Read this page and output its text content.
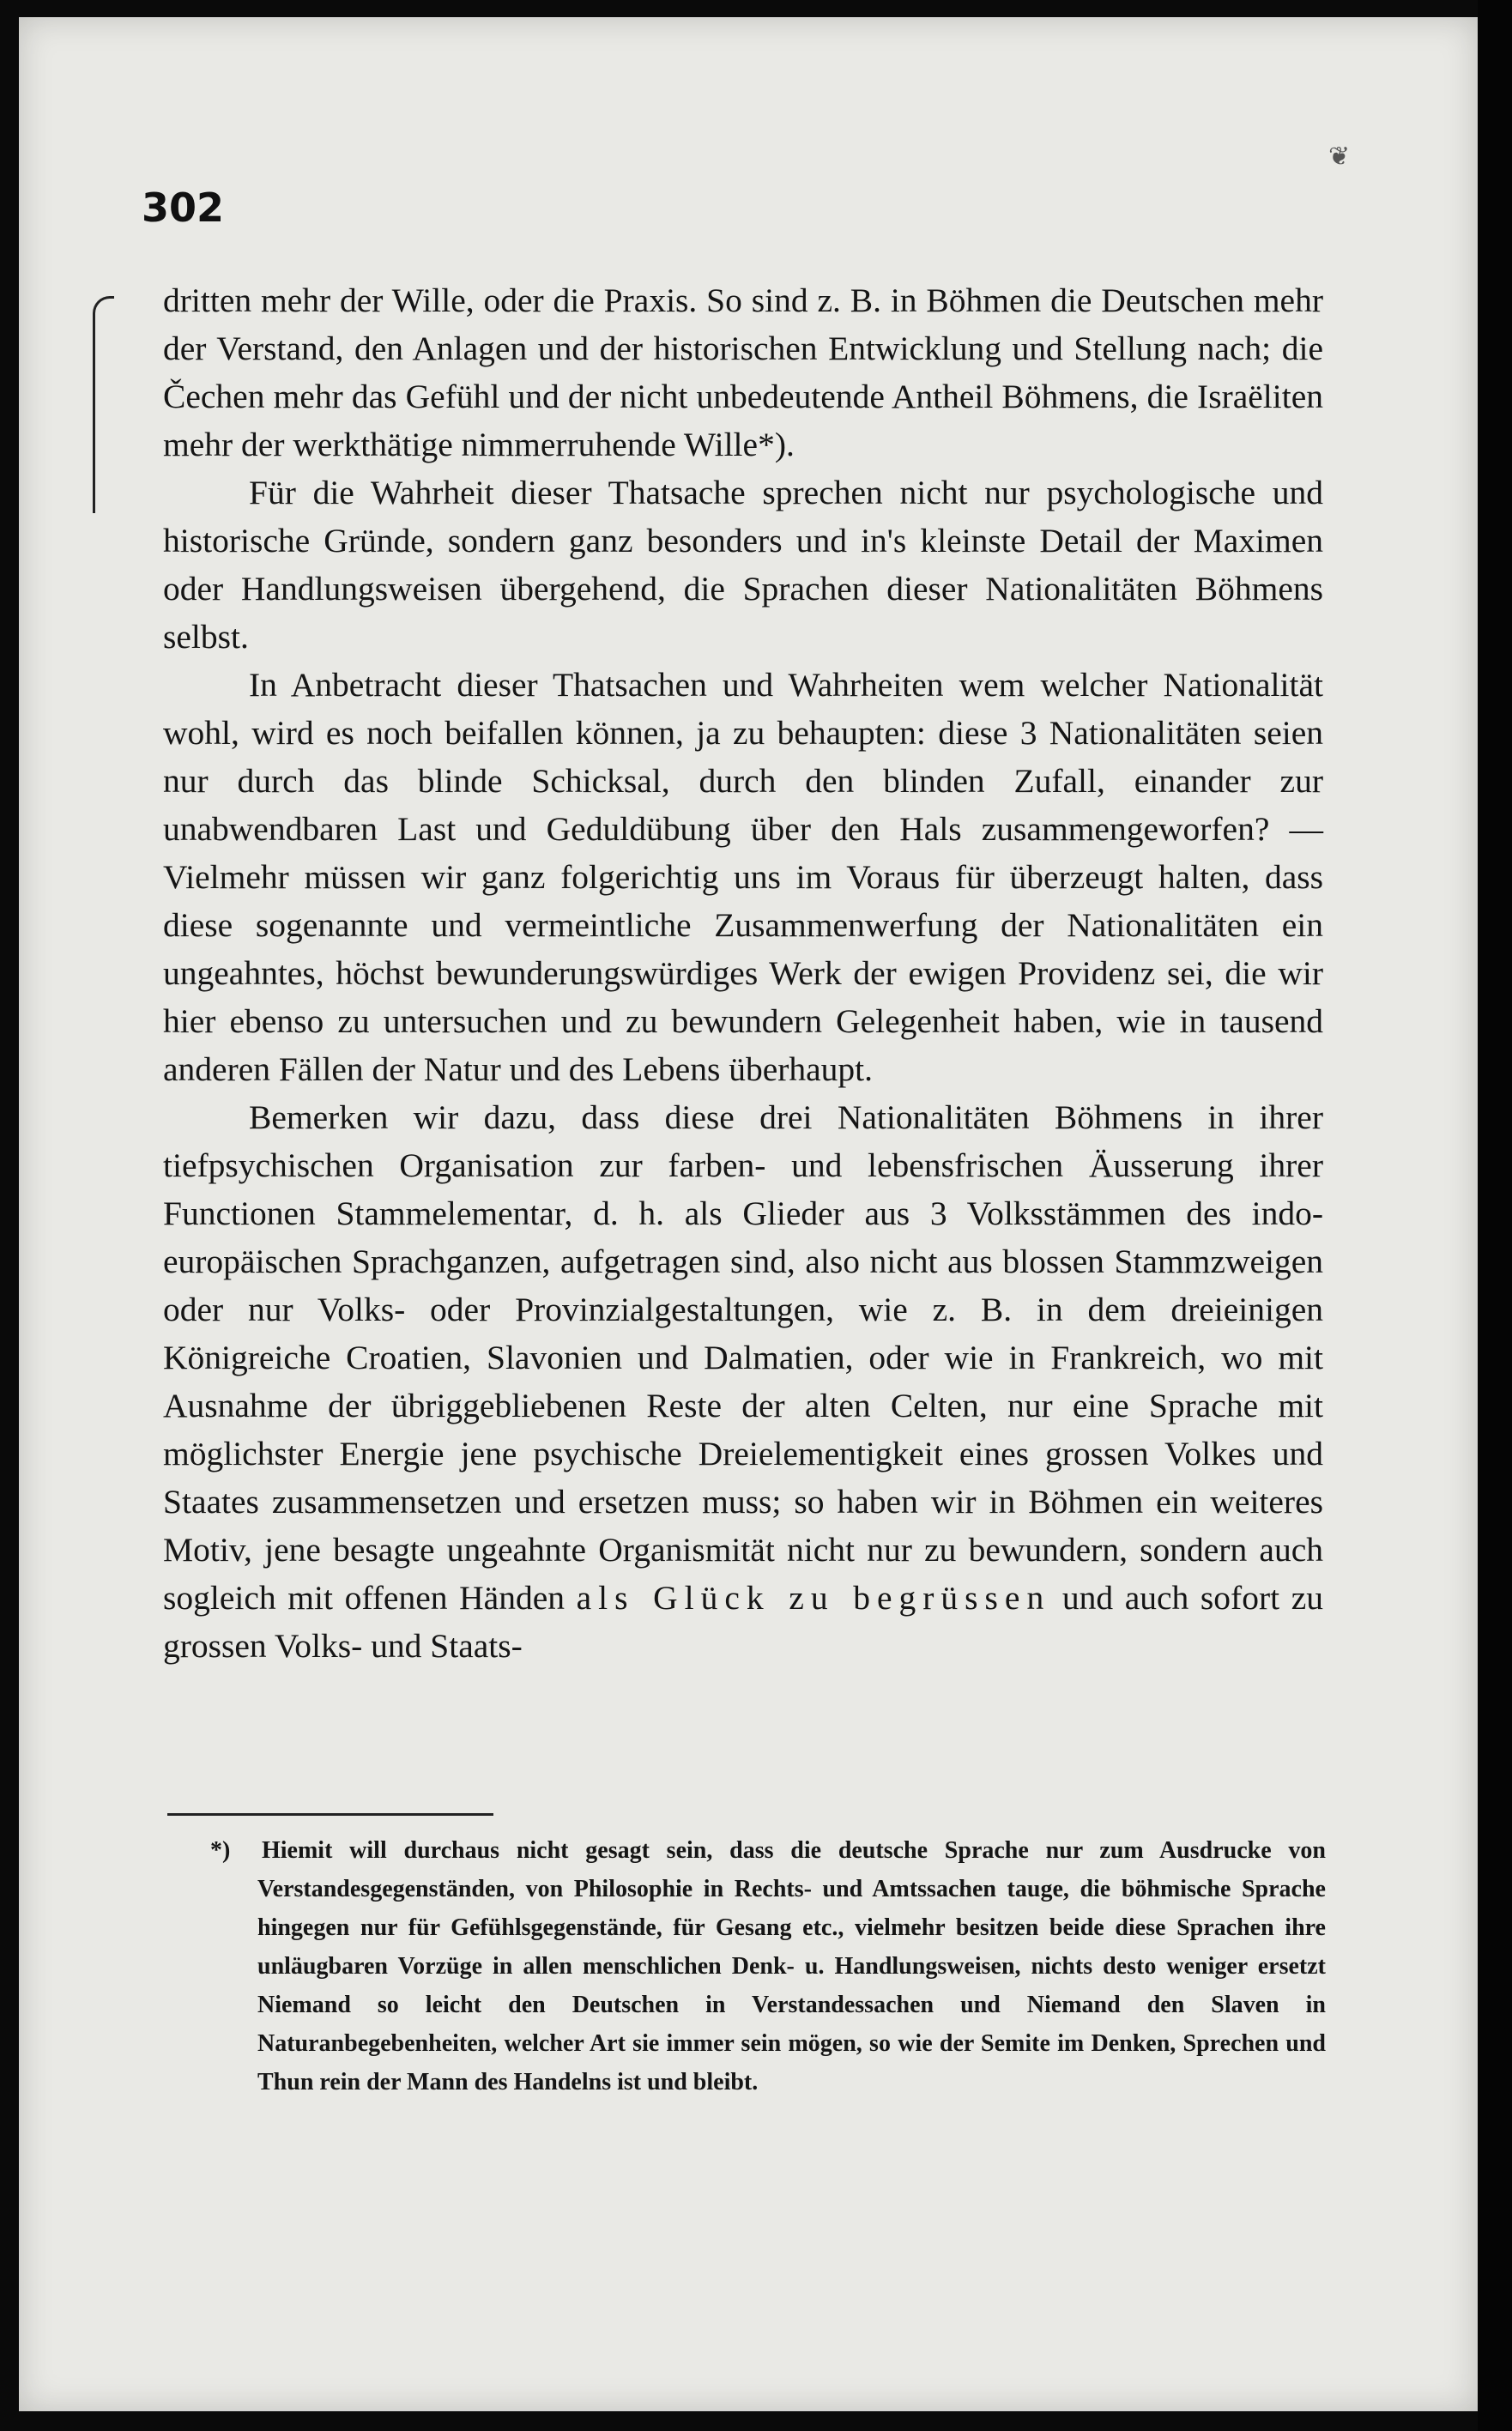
❦
302

dritten mehr der Wille, oder die Praxis. So sind z. B. in Böhmen die Deutschen mehr der Verstand, den Anlagen und der historischen Entwicklung und Stellung nach; die Čechen mehr das Gefühl und der nicht unbedeutende Antheil Böhmens, die Israëliten mehr der werkthätige nimmerruhende Wille*).

Für die Wahrheit dieser Thatsache sprechen nicht nur psychologische und historische Gründe, sondern ganz besonders und in's kleinste Detail der Maximen oder Handlungsweisen übergehend, die Sprachen dieser Nationalitäten Böhmens selbst.

In Anbetracht dieser Thatsachen und Wahrheiten wem welcher Nationalität wohl, wird es noch beifallen können, ja zu behaupten: diese 3 Nationalitäten seien nur durch das blinde Schicksal, durch den blinden Zufall, einander zur unabwendbaren Last und Geduldübung über den Hals zusammengeworfen? — Vielmehr müssen wir ganz folgerichtig uns im Voraus für überzeugt halten, dass diese sogenannte und vermeintliche Zusammenwerfung der Nationalitäten ein ungeahntes, höchst bewunderungswürdiges Werk der ewigen Providenz sei, die wir hier ebenso zu untersuchen und zu bewundern Gelegenheit haben, wie in tausend anderen Fällen der Natur und des Lebens überhaupt.

Bemerken wir dazu, dass diese drei Nationalitäten Böhmens in ihrer tiefpsychischen Organisation zur farben- und lebensfrischen Äusserung ihrer Functionen Stammelementar, d. h. als Glieder aus 3 Volksstämmen des indo-europäischen Sprachganzen, aufgetragen sind, also nicht aus blossen Stammzweigen oder nur Volks- oder Provinzialgestaltungen, wie z. B. in dem dreieinigen Königreiche Croatien, Slavonien und Dalmatien, oder wie in Frankreich, wo mit Ausnahme der übriggebliebenen Reste der alten Celten, nur eine Sprache mit möglichster Energie jene psychische Dreielementigkeit eines grossen Volkes und Staates zusammensetzen und ersetzen muss; so haben wir in Böhmen ein weiteres Motiv, jene besagte ungeahnte Organismität nicht nur zu bewundern, sondern auch sogleich mit offenen Händen als Glück zu begrüssen und auch sofort zu grossen Volks- und Staats-

*) Hiemit will durchaus nicht gesagt sein, dass die deutsche Sprache nur zum Ausdrucke von Verstandesgegenständen, von Philosophie in Rechts- und Amtssachen tauge, die böhmische Sprache hingegen nur für Gefühlsgegenstände, für Gesang etc., vielmehr besitzen beide diese Sprachen ihre unläugbaren Vorzüge in allen menschlichen Denk- u. Handlungsweisen, nichts desto weniger ersetzt Niemand so leicht den Deutschen in Verstandessachen und Niemand den Slaven in Naturanbegebenheiten, welcher Art sie immer sein mögen, so wie der Semite im Denken, Sprechen und Thun rein der Mann des Handelns ist und bleibt.
